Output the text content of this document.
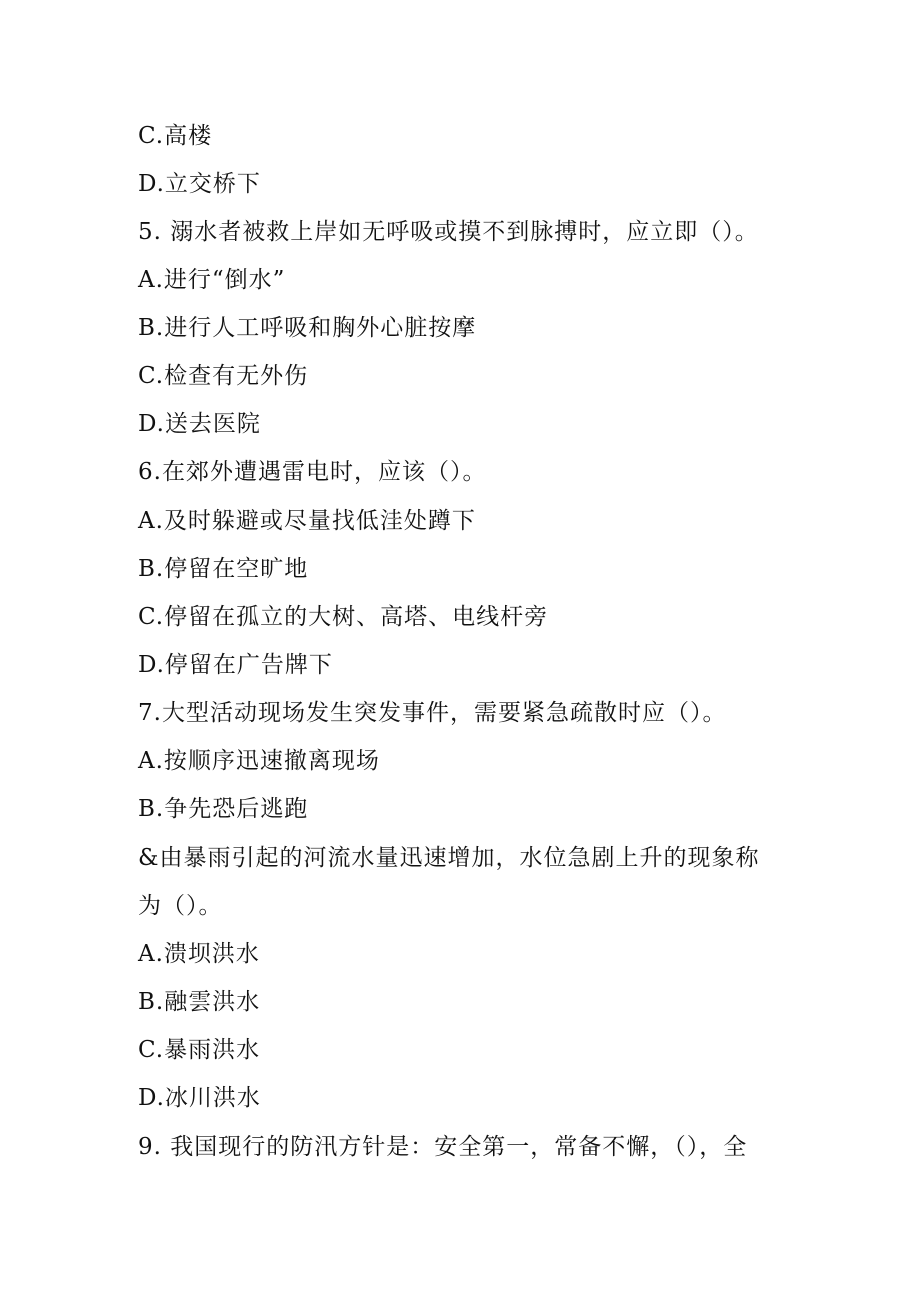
C.高楼
D.立交桥下
5. 溺水者被救上岸如无呼吸或摸不到脉搏时，应立即（）。
A.进行“倒水”
B.进行人工呼吸和胸外心脏按摩
C.检查有无外伤
D.送去医院
6.在郊外遭遇雷电时，应该（）。
A.及时躲避或尽量找低洼处蹲下
B.停留在空旷地
C.停留在孤立的大树、高塔、电线杆旁
D.停留在广告牌下
7.大型活动现场发生突发事件，需要紧急疏散时应（）。
A.按顺序迅速撤离现场
B.争先恐后逃跑
&由暴雨引起的河流水量迅速增加，水位急剧上升的现象称
为（）。
A.溃坝洪水
B.融雲洪水
C.暴雨洪水
D.冰川洪水
9. 我国现行的防汛方针是：安全第一，常备不懈，（），全
